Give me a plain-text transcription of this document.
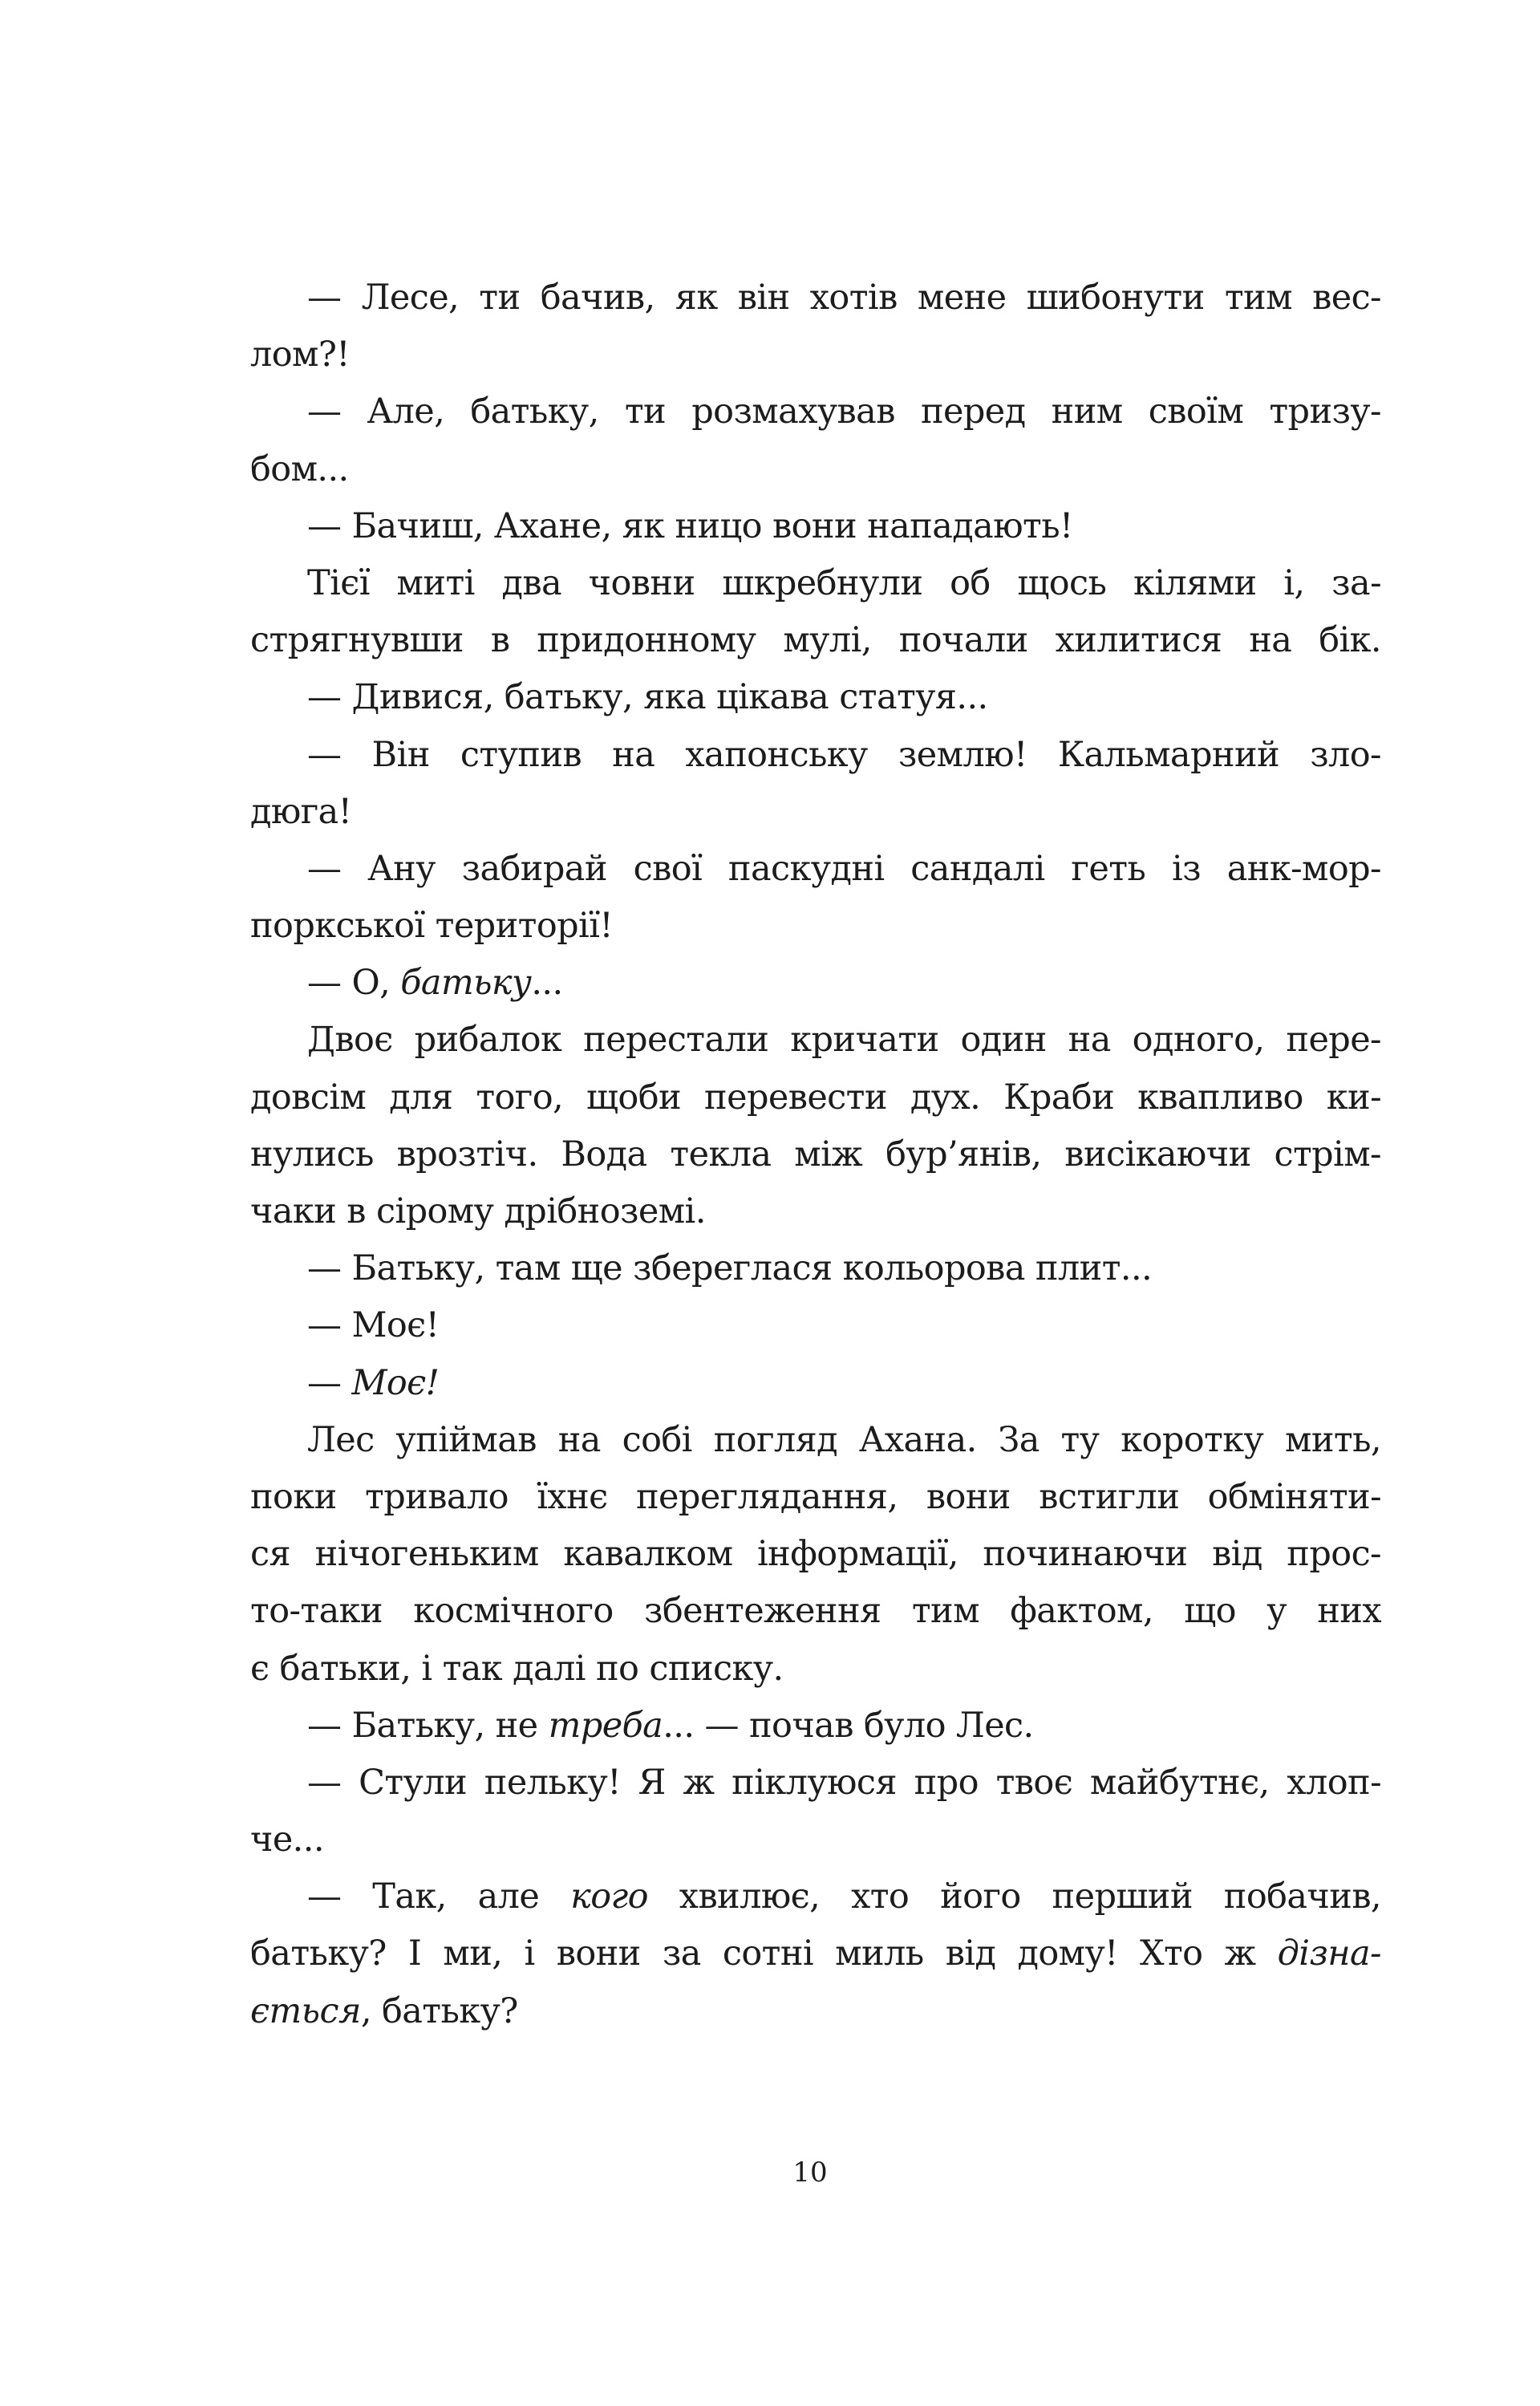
— Лесе, ти бачив, як він хотів мене шибонути тим вес-
лом?!
— Але, батьку, ти розмахував перед ним своїм тризу-
бом...
— Бачиш, Ахане, як ницо вони нападають!
Тієї миті два човни шкребнули об щось кілями і, за-
стрягнувши в придонному мулі, почали хилитися на бік.
— Дивися, батьку, яка цікава статуя...
— Він ступив на хапонську землю! Кальмарний зло-
дюга!
— Ану забирай свої паскудні сандалі геть із анк-мор-
поркської території!
— О, батьку...
Двоє рибалок перестали кричати один на одного, пере-
довсім для того, щоби перевести дух. Краби квапливо ки-
нулись врозтіч. Вода текла між бур’янів, висікаючи стрім-
чаки в сірому дрібноземі.
— Батьку, там ще збереглася кольорова плит...
— Моє!
— Моє!
Лес упіймав на собі погляд Ахана. За ту коротку мить,
поки тривало їхнє переглядання, вони встигли обміняти-
ся нічогеньким кавалком інформації, починаючи від прос-
то-таки космічного збентеження тим фактом, що у них
є батьки, і так далі по списку.
— Батьку, не треба... — почав було Лес.
— Стули пельку! Я ж піклуюся про твоє майбутнє, хлоп-
че...
— Так, але кого хвилює, хто його перший побачив,
батьку? І ми, і вони за сотні миль від дому! Хто ж дізна-
ється, батьку?
10
